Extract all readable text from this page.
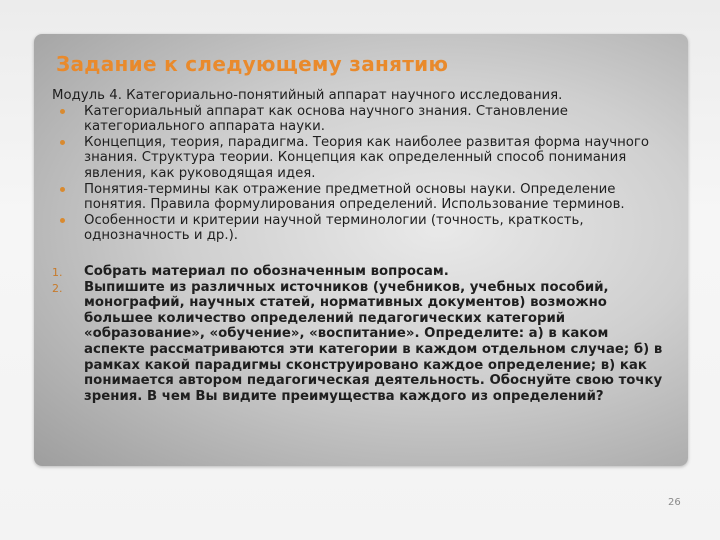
Задание к следующему занятию

Модуль 4. Категориально-понятийный аппарат научного исследования.

Категориальный аппарат как основа научного знания. Становление категориального аппарата науки.
Концепция, теория, парадигма. Теория как наиболее развитая форма научного знания. Структура теории. Концепция как определенный способ понимания явления, как руководящая идея.
Понятия-термины как отражение предметной основы науки. Определение понятия. Правила формулирования определений. Использование терминов.
Особенности и критерии научной терминологии (точность, краткость, однозначность и др.).
1. Собрать материал по обозначенным вопросам.
2. Выпишите из различных источников (учебников, учебных пособий, монографий, научных статей, нормативных документов) возможно большее количество определений педагогических категорий «образование», «обучение», «воспитание». Определите: а) в каком аспекте рассматриваются эти категории в каждом отдельном случае; б) в рамках какой парадигмы сконструировано каждое определение; в) как понимается автором педагогическая деятельность. Обоснуйте свою точку зрения. В чем Вы видите преимущества каждого из определений?
26
